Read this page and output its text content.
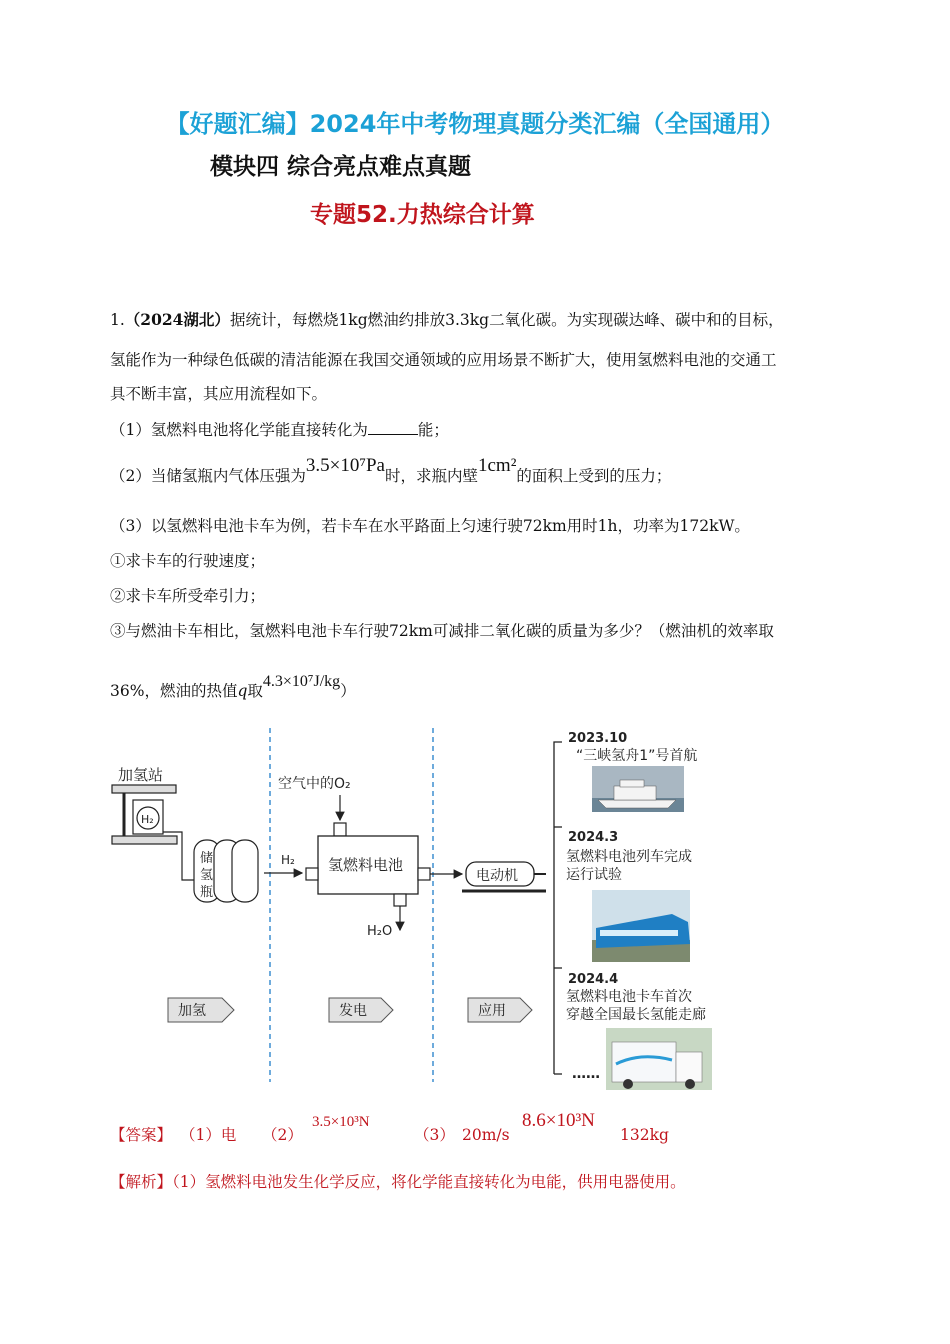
【好题汇编】2024年中考物理真题分类汇编（全国通用）
模块四 综合亮点难点真题
专题52.力热综合计算
1.（2024湖北）据统计，每燃烧1kg燃油约排放3.3kg二氧化碳。为实现碳达峰、碳中和的目标，
氢能作为一种绿色低碳的清洁能源在我国交通领域的应用场景不断扩大，使用氢燃料电池的交通工
具不断丰富，其应用流程如下。
（1）氢燃料电池将化学能直接转化为	能；
（2）当储氢瓶内气体压强为3.5×10⁷Pa时，求瓶内壁1cm²的面积上受到的压力；
（3）以氢燃料电池卡车为例，若卡车在水平路面上匀速行驶72km用时1h，功率为172kW。
①求卡车的行驶速度；
②求卡车所受牵引力；
③与燃油卡车相比，氢燃料电池卡车行驶72km可减排二氧化碳的质量为多少？（燃油机的效率取
36%，燃油的热值q取4.3×10⁷J/kg）
加氢站
H₂
储
氢
瓶
H₂
空气中的O₂
氢燃料电池
H₂O
电动机
2023.10
“三峡氢舟1”号首航
2024.3
氢燃料电池列车完成
运行试验
2024.4
氢燃料电池卡车首次
穿越全国最长氢能走廊
……
加氢	发电	应用
【答案】 （1）电 （2）
3.5×10³N
（3） 20m/s
8.6×10³N
132kg
【解析】（1）氢燃料电池发生化学反应，将化学能直接转化为电能，供用电器使用。
